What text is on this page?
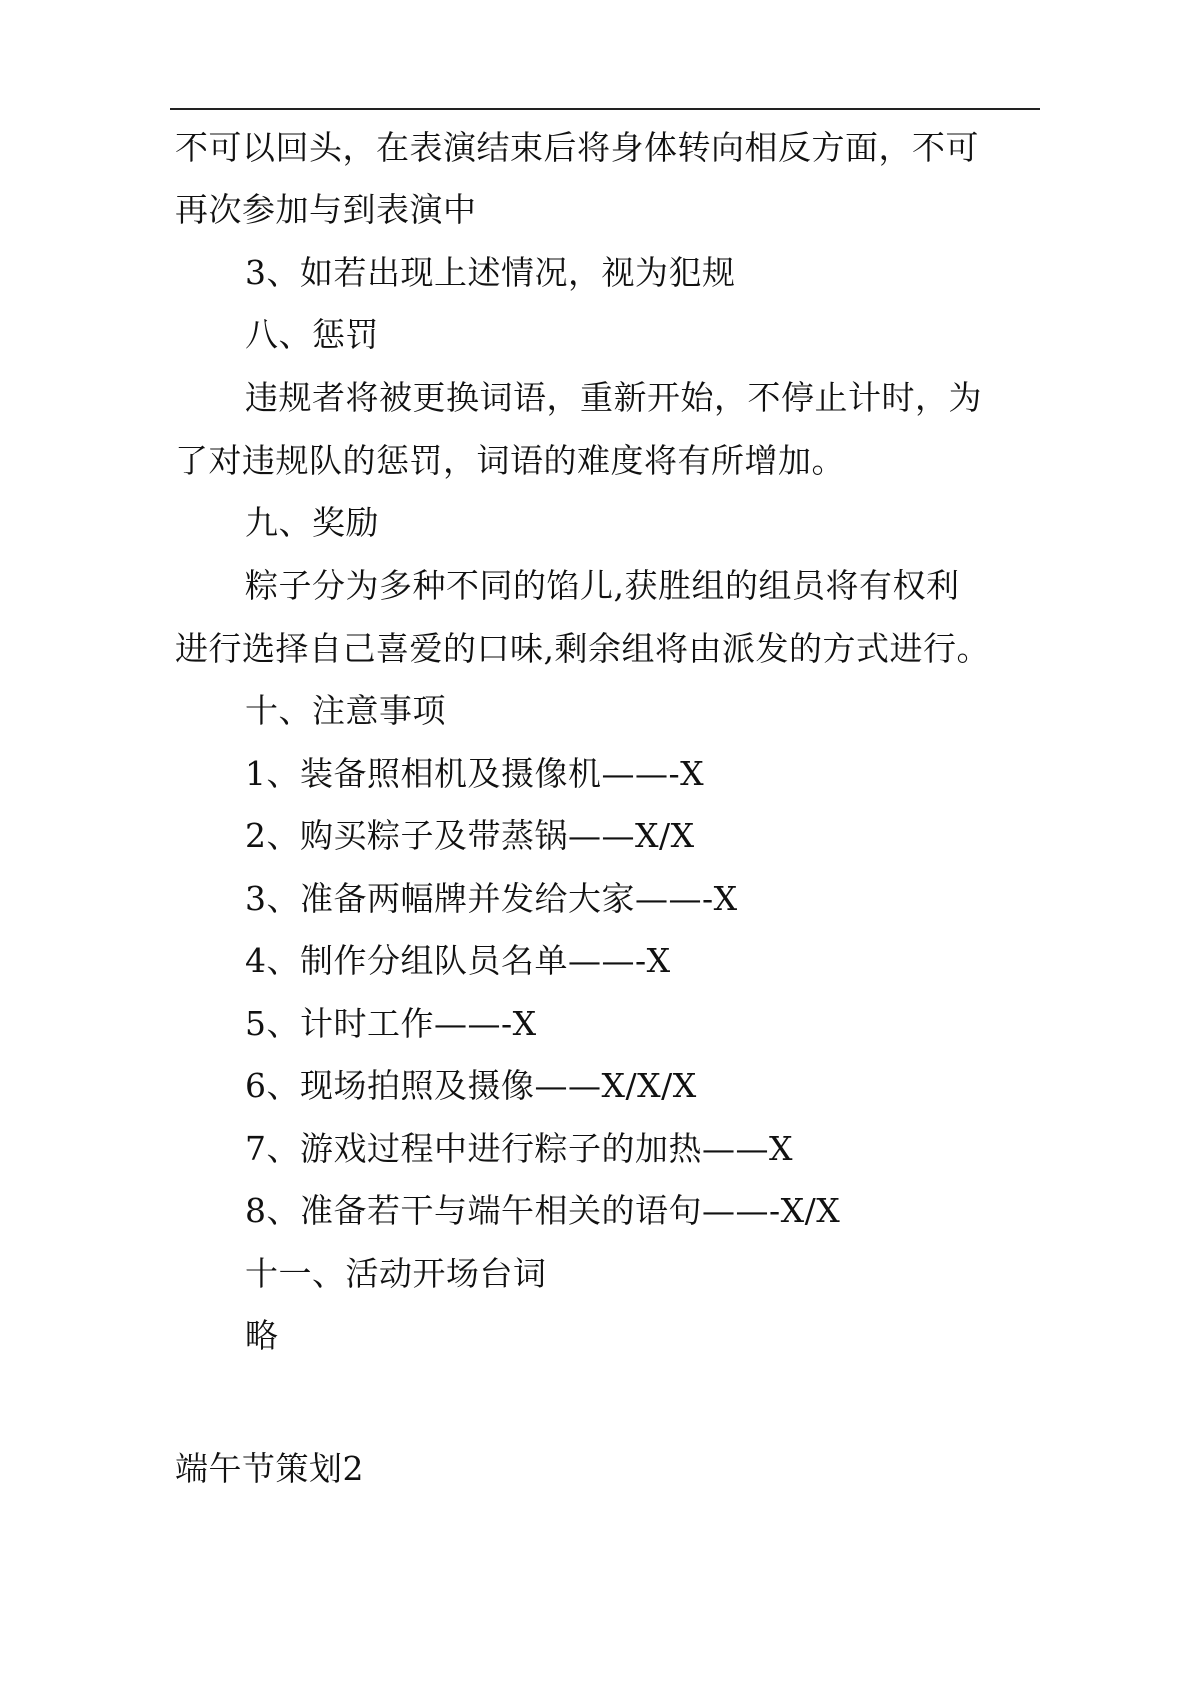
不可以回头，在表演结束后将身体转向相反方面，不可
再次参加与到表演中
3、如若出现上述情况，视为犯规
八、惩罚
违规者将被更换词语，重新开始，不停止计时，为
了对违规队的惩罚，词语的难度将有所增加。
九、奖励
粽子分为多种不同的馅儿,获胜组的组员将有权利
进行选择自己喜爱的口味,剩余组将由派发的方式进行。
十、注意事项
1、装备照相机及摄像机——-X
2、购买粽子及带蒸锅——X/X
3、准备两幅牌并发给大家——-X
4、制作分组队员名单——-X
5、计时工作——-X
6、现场拍照及摄像——X/X/X
7、游戏过程中进行粽子的加热——X
8、准备若干与端午相关的语句——-X/X
十一、活动开场台词
略
端午节策划2
